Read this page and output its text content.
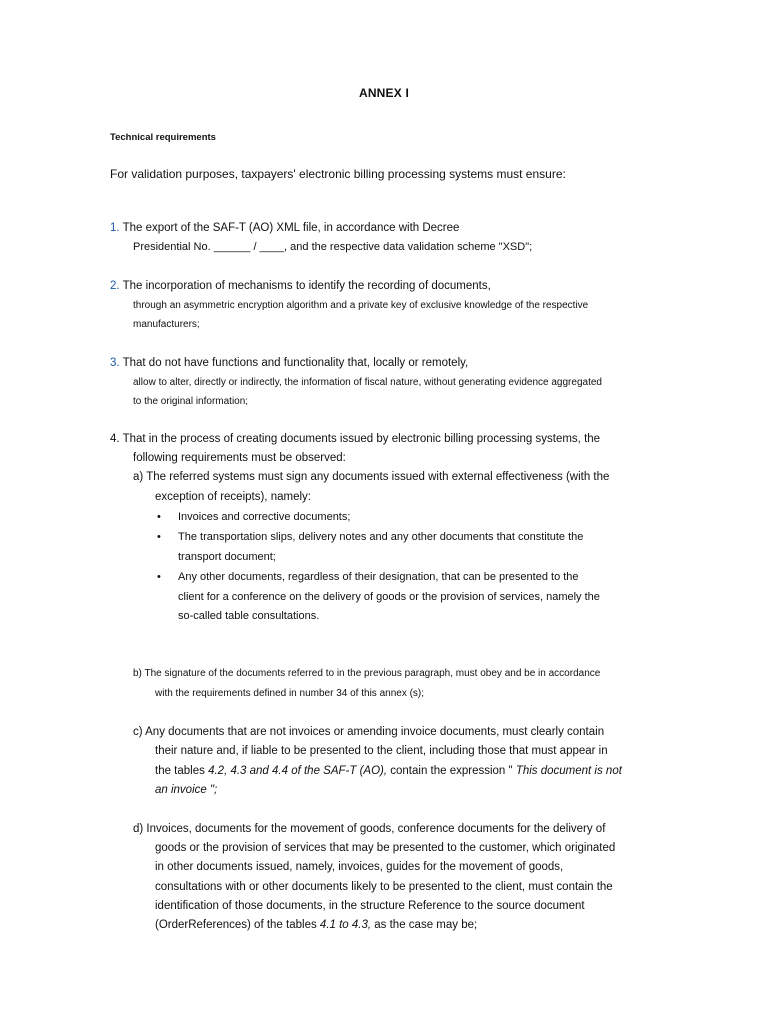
ANNEX I
Technical requirements
For validation purposes, taxpayers' electronic billing processing systems must ensure:
1. The export of the SAF-T (AO) XML file, in accordance with Decree
Presidential No. ______ / ____, and the respective data validation scheme "XSD";
2. The incorporation of mechanisms to identify the recording of documents,
through an asymmetric encryption algorithm and a private key of exclusive knowledge of the respective
manufacturers;
3. That do not have functions and functionality that, locally or remotely,
allow to alter, directly or indirectly, the information of fiscal nature, without generating evidence aggregated
to the original information;
4. That in the process of creating documents issued by electronic billing processing systems, the
following requirements must be observed:
a) The referred systems must sign any documents issued with external effectiveness (with the
exception of receipts), namely:
• Invoices and corrective documents;
• The transportation slips, delivery notes and any other documents that constitute the
transport document;
• Any other documents, regardless of their designation, that can be presented to the
client for a conference on the delivery of goods or the provision of services, namely the
so-called table consultations.
b) The signature of the documents referred to in the previous paragraph, must obey and be in accordance
with the requirements defined in number 34 of this annex (s);
c) Any documents that are not invoices or amending invoice documents, must clearly contain
their nature and, if liable to be presented to the client, including those that must appear in
the tables 4.2, 4.3 and 4.4 of the SAF-T (AO), contain the expression " This document is not
an invoice ";
d) Invoices, documents for the movement of goods, conference documents for the delivery of
goods or the provision of services that may be presented to the customer, which originated
in other documents issued, namely, invoices, guides for the movement of goods,
consultations with or other documents likely to be presented to the client, must contain the
identification of those documents, in the structure Reference to the source document
(OrderReferences) of the tables 4.1 to 4.3, as the case may be;
